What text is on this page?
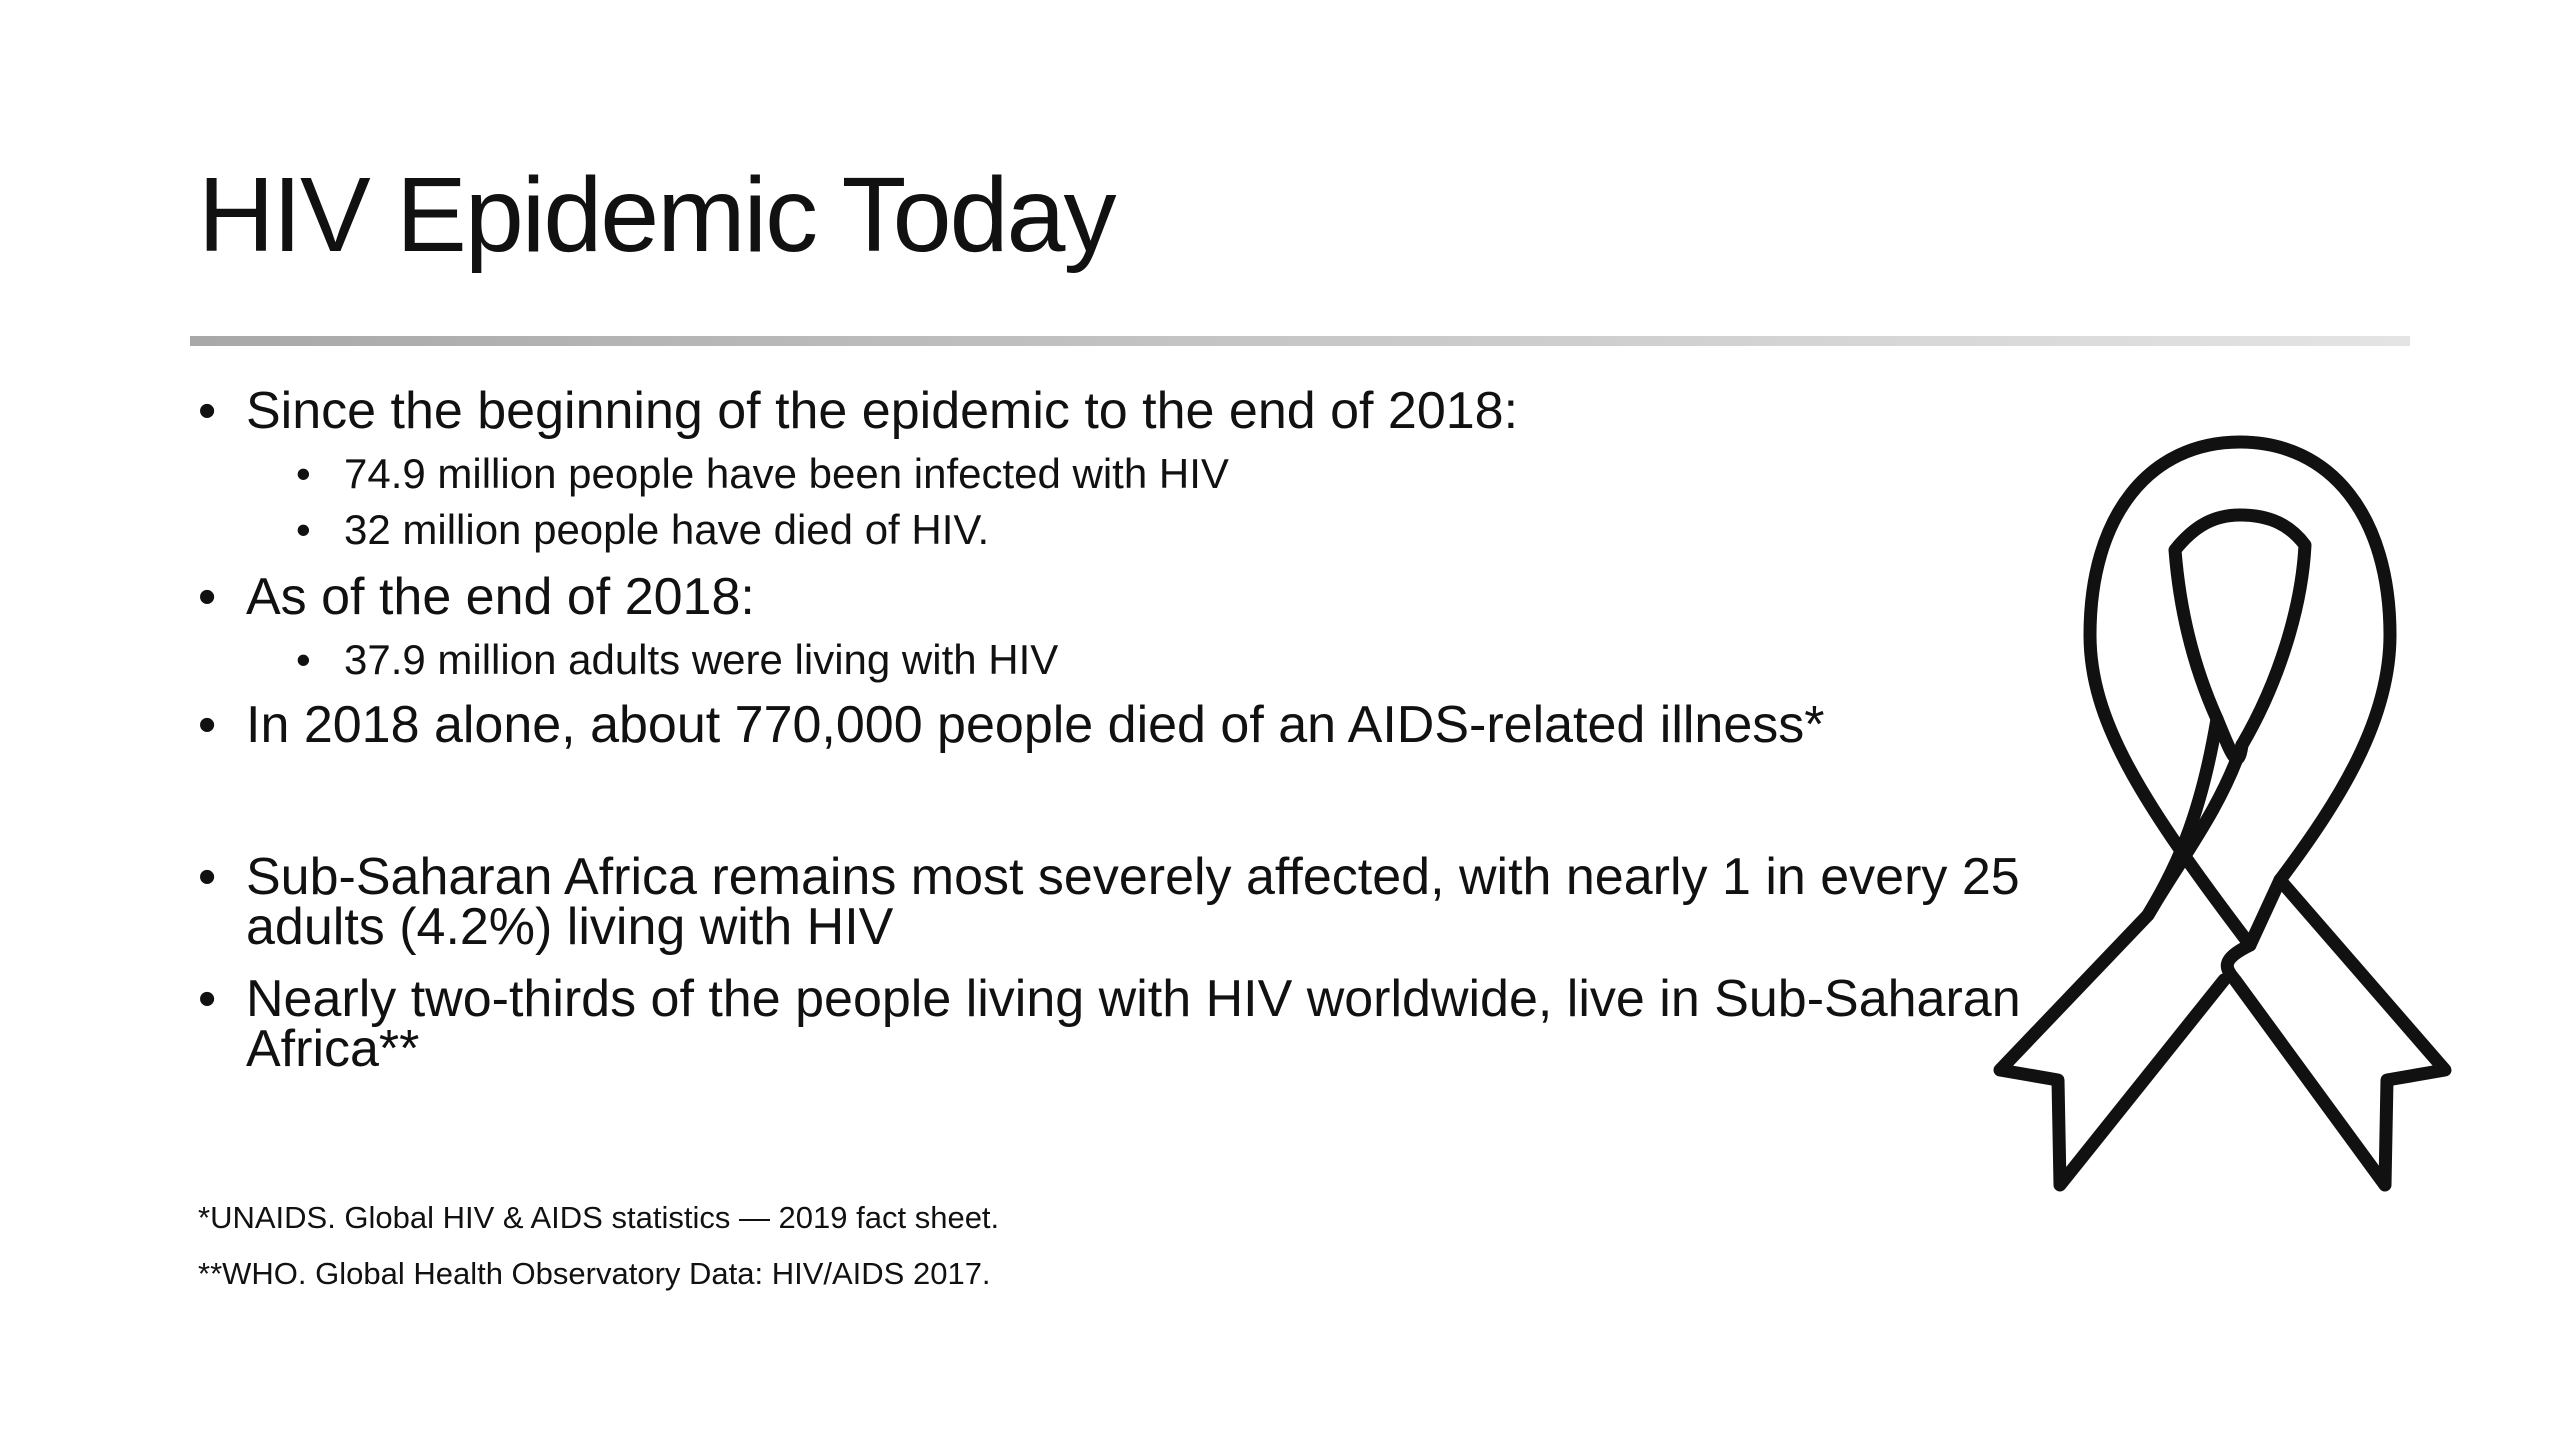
HIV Epidemic Today
• Since the beginning of the epidemic to the end of 2018:
• 74.9 million people have been infected with HIV
• 32 million people have died of HIV.
• As of the end of 2018:
• 37.9 million adults were living with HIV
• In 2018 alone, about 770,000 people died of an AIDS-related illness*
• Sub-Saharan Africa remains most severely affected, with nearly 1 in every 25 adults (4.2%) living with HIV
• Nearly two-thirds of the people living with HIV worldwide, live in Sub-Saharan Africa**
*UNAIDS. Global HIV & AIDS statistics — 2019 fact sheet.
**WHO. Global Health Observatory Data: HIV/AIDS 2017.
